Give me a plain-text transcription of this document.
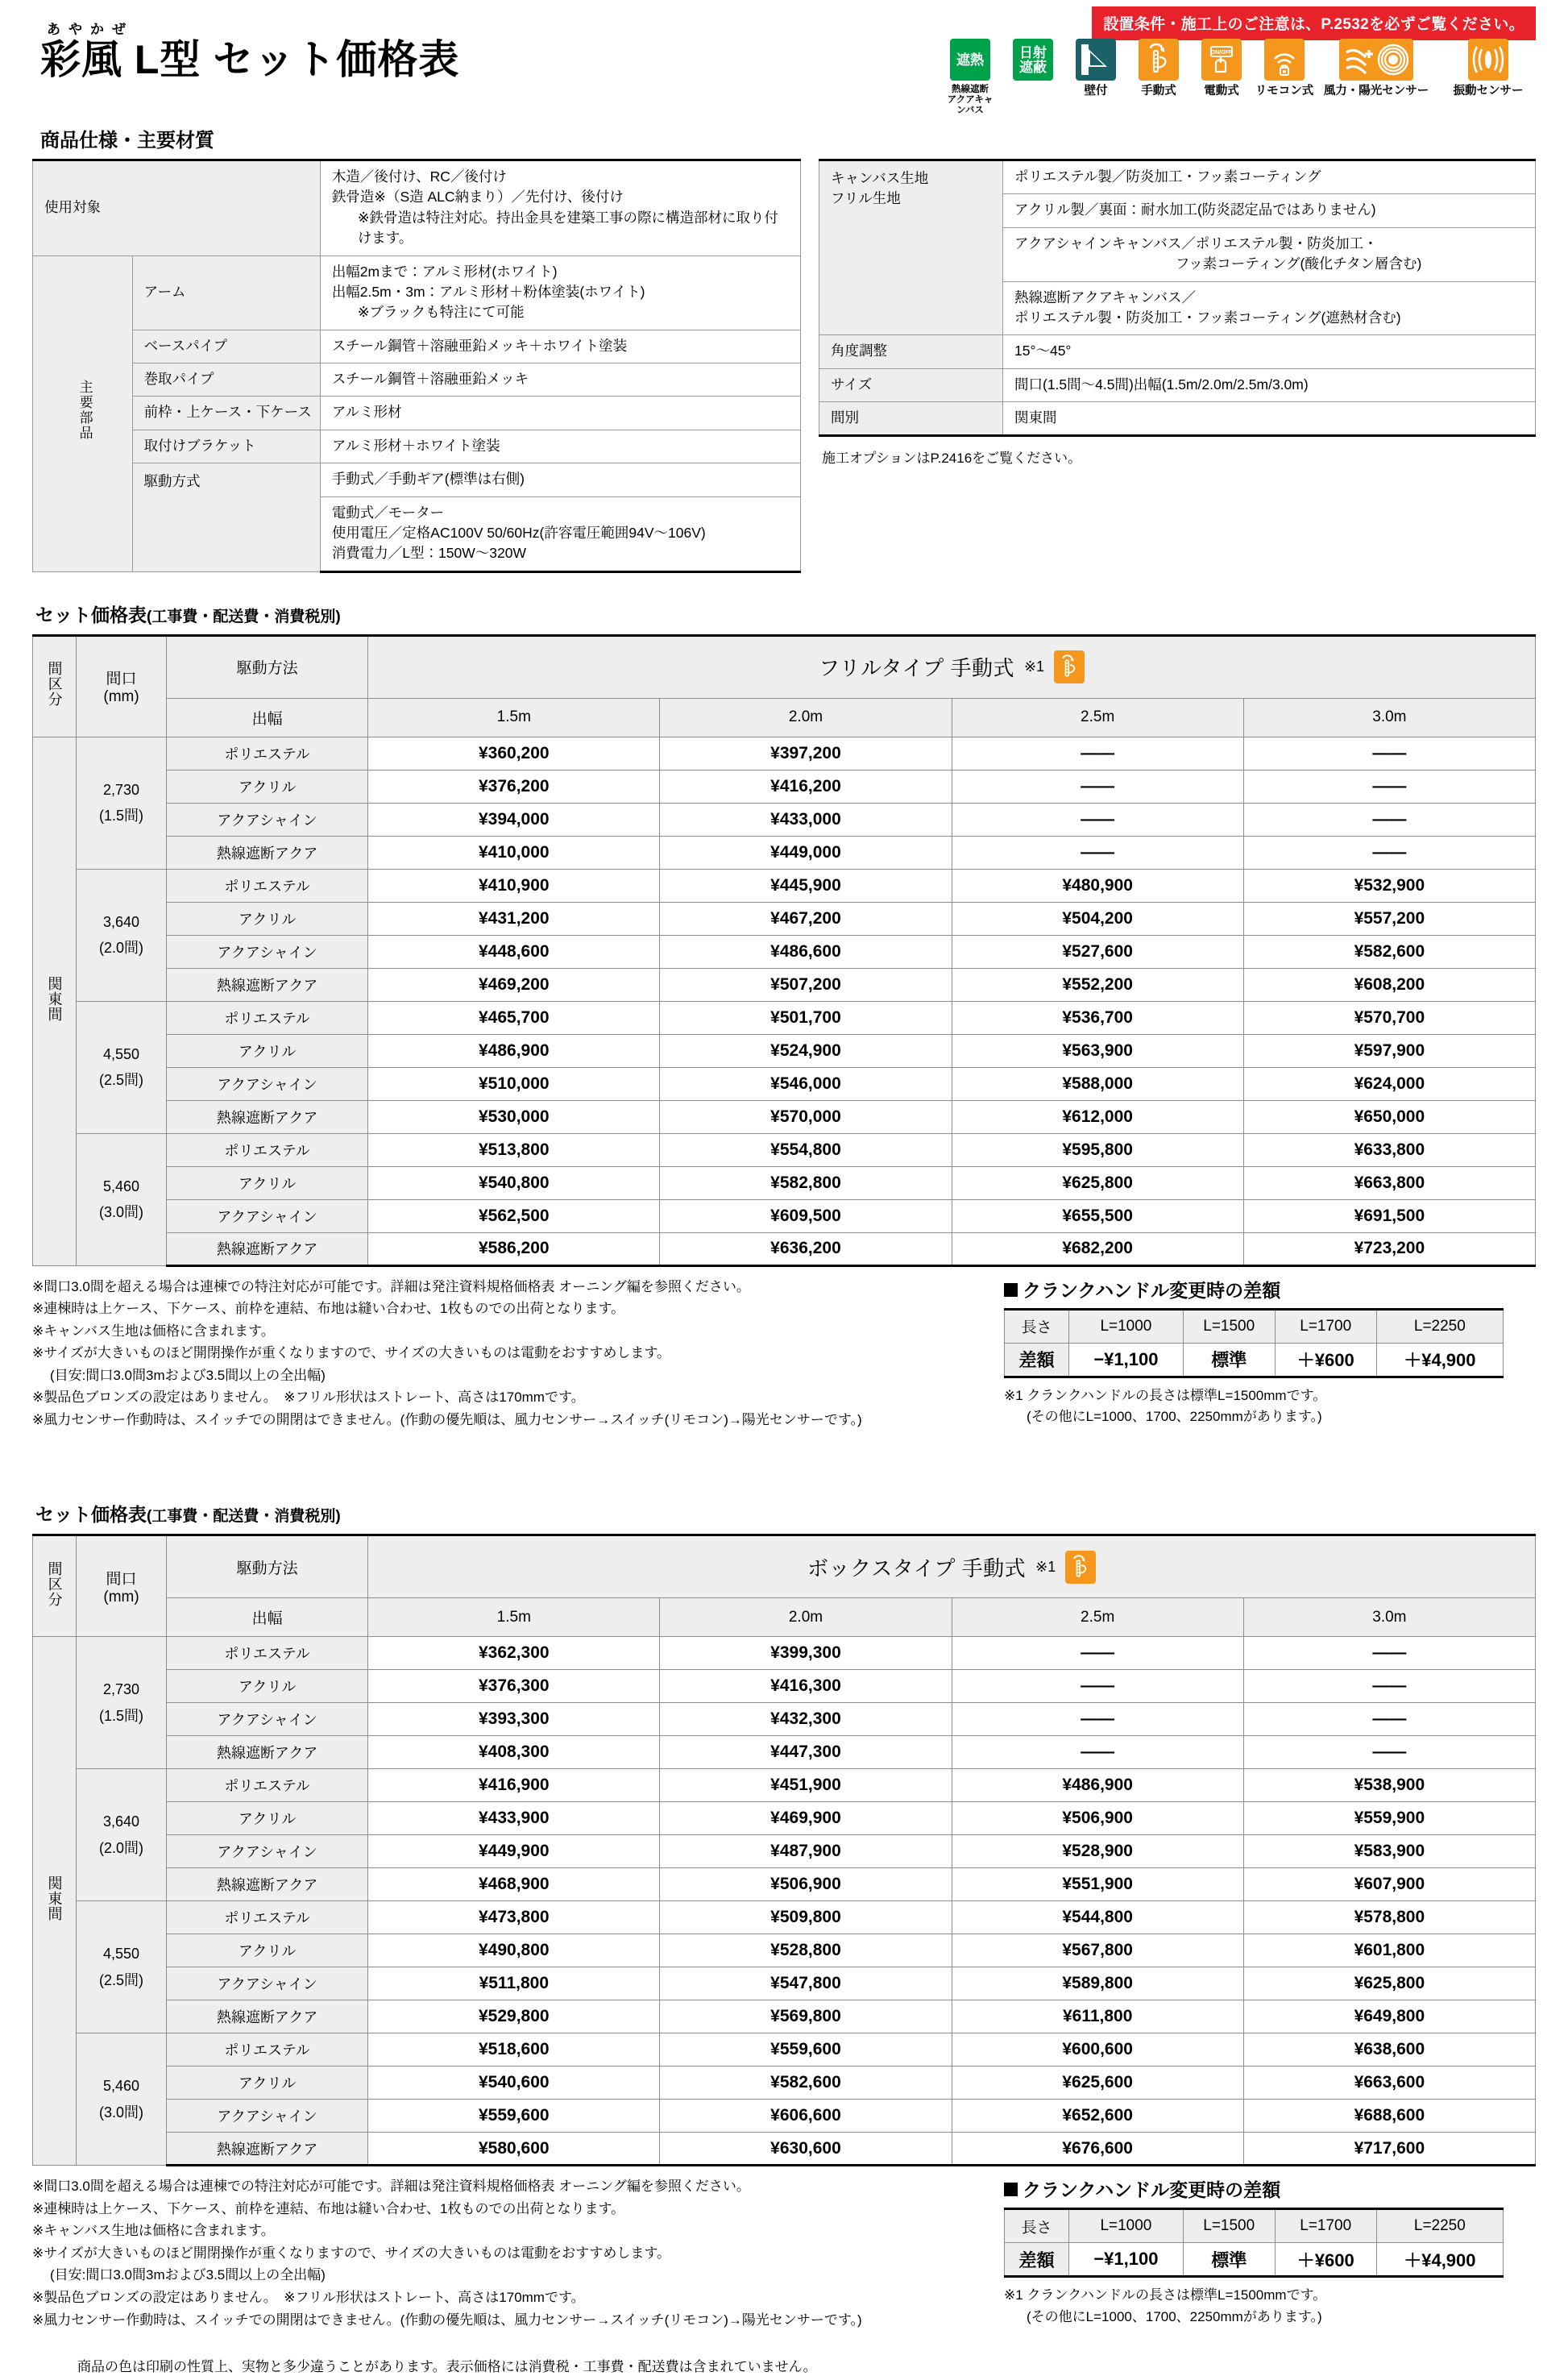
あやかぜ
彩風 L型 セット価格表
設置条件・施工上のご注意は、P.2532を必ずご覧ください。
遮熱
熱線遮断
アクアキャンバス
日射
遮蔽
壁付	手動式
ON/OFF
電動式 リモコン式 風力・陽光センサー 振動センサー
商品仕様・主要材質
使用対象		木造／後付け、RC／後付け
鉄骨造※（S造 ALC納まり）／先付け、後付け

※鉄骨造は特注対応。持出金具を建築工事の際に構造部材に取り付けます。

主要部品	アーム	出幅2mまで：アルミ形材(ホワイト)
出幅2.5m・3m：アルミ形材＋粉体塗装(ホワイト)

※ブラックも特注にて可能

	ベースパイプ	スチール鋼管＋溶融亜鉛メッキ＋ホワイト塗装
	巻取パイプ	スチール鋼管＋溶融亜鉛メッキ
	前枠・上ケース・下ケース	アルミ形材
	取付けブラケット	アルミ形材＋ホワイト塗装
	駆動方式	手動式／手動ギア(標準は右側)
		電動式／モーター
使用電圧／定格AC100V 50/60Hz(許容電圧範囲94V〜106V)
消費電力／L型：150W〜320W
キャンバス生地
フリル生地	ポリエステル製／防炎加工・フッ素コーティング
	アクリル製／裏面：耐水加工(防炎認定品ではありません)
	アクアシャインキャンバス／ポリエステル製・防炎加工・

フッ素コーティング(酸化チタン層含む)

	熱線遮断アクアキャンバス／
ポリエステル製・防炎加工・フッ素コーティング(遮熱材含む)
角度調整	15°〜45°
サイズ	間口(1.5間〜4.5間)出幅(1.5m/2.0m/2.5m/3.0m)
間別	関東間
施工オプションはP.2416をご覧ください。
セット価格表(工事費・配送費・消費税別)
間区分	間口
(mm)	駆動方法	フリルタイプ 手動式 ※1			

		出幅	1.5m	2.0m	2.5m	3.0m
関東間	2,730
(1.5間)	ポリエステル	¥360,200	¥397,200	——	——
		アクリル	¥376,200	¥416,200	——	——
		アクアシャイン	¥394,000	¥433,000	——	——
		熱線遮断アクア	¥410,000	¥449,000	——	——
	3,640
(2.0間)	ポリエステル	¥410,900	¥445,900	¥480,900	¥532,900
		アクリル	¥431,200	¥467,200	¥504,200	¥557,200
		アクアシャイン	¥448,600	¥486,600	¥527,600	¥582,600
		熱線遮断アクア	¥469,200	¥507,200	¥552,200	¥608,200
	4,550
(2.5間)	ポリエステル	¥465,700	¥501,700	¥536,700	¥570,700
		アクリル	¥486,900	¥524,900	¥563,900	¥597,900
		アクアシャイン	¥510,000	¥546,000	¥588,000	¥624,000
		熱線遮断アクア	¥530,000	¥570,000	¥612,000	¥650,000
	5,460
(3.0間)	ポリエステル	¥513,800	¥554,800	¥595,800	¥633,800
		アクリル	¥540,800	¥582,800	¥625,800	¥663,800
		アクアシャイン	¥562,500	¥609,500	¥655,500	¥691,500
		熱線遮断アクア	¥586,200	¥636,200	¥682,200	¥723,200
※間口3.0間を超える場合は連棟での特注対応が可能です。詳細は発注資料規格価格表 オーニング編を参照ください。
※連棟時は上ケース、下ケース、前枠を連結、布地は縫い合わせ、1枚ものでの出荷となります。
※キャンバス生地は価格に含まれます。
※サイズが大きいものほど開閉操作が重くなりますので、サイズの大きいものは電動をおすすめします。
(目安:間口3.0間3mおよび3.5間以上の全出幅)
※製品色ブロンズの設定はありません。　※フリル形状はストレート、高さは170mmです。
※風力センサー作動時は、スイッチでの開閉はできません。(作動の優先順は、風力センサー→スイッチ(リモコン)→陽光センサーです。)
クランクハンドル変更時の差額
長さ	L=1000	L=1500	L=1700	L=2250
差額	−¥1,100	標準	＋¥600	＋¥4,900
※1 クランクハンドルの長さは標準L=1500mmです。
(その他にL=1000、1700、2250mmがあります。)
セット価格表(工事費・配送費・消費税別)
間区分	間口
(mm)	駆動方法	ボックスタイプ 手動式 ※1			

		出幅	1.5m	2.0m	2.5m	3.0m
関東間	2,730
(1.5間)	ポリエステル	¥362,300	¥399,300	——	——
		アクリル	¥376,300	¥416,300	——	——
		アクアシャイン	¥393,300	¥432,300	——	——
		熱線遮断アクア	¥408,300	¥447,300	——	——
	3,640
(2.0間)	ポリエステル	¥416,900	¥451,900	¥486,900	¥538,900
		アクリル	¥433,900	¥469,900	¥506,900	¥559,900
		アクアシャイン	¥449,900	¥487,900	¥528,900	¥583,900
		熱線遮断アクア	¥468,900	¥506,900	¥551,900	¥607,900
	4,550
(2.5間)	ポリエステル	¥473,800	¥509,800	¥544,800	¥578,800
		アクリル	¥490,800	¥528,800	¥567,800	¥601,800
		アクアシャイン	¥511,800	¥547,800	¥589,800	¥625,800
		熱線遮断アクア	¥529,800	¥569,800	¥611,800	¥649,800
	5,460
(3.0間)	ポリエステル	¥518,600	¥559,600	¥600,600	¥638,600
		アクリル	¥540,600	¥582,600	¥625,600	¥663,600
		アクアシャイン	¥559,600	¥606,600	¥652,600	¥688,600
		熱線遮断アクア	¥580,600	¥630,600	¥676,600	¥717,600
※間口3.0間を超える場合は連棟での特注対応が可能です。詳細は発注資料規格価格表 オーニング編を参照ください。
※連棟時は上ケース、下ケース、前枠を連結、布地は縫い合わせ、1枚ものでの出荷となります。
※キャンバス生地は価格に含まれます。
※サイズが大きいものほど開閉操作が重くなりますので、サイズの大きいものは電動をおすすめします。
(目安:間口3.0間3mおよび3.5間以上の全出幅)
※製品色ブロンズの設定はありません。　※フリル形状はストレート、高さは170mmです。
※風力センサー作動時は、スイッチでの開閉はできません。(作動の優先順は、風力センサー→スイッチ(リモコン)→陽光センサーです。)
クランクハンドル変更時の差額
長さ	L=1000	L=1500	L=1700	L=2250
差額	−¥1,100	標準	＋¥600	＋¥4,900
※1 クランクハンドルの長さは標準L=1500mmです。
(その他にL=1000、1700、2250mmがあります。)
商品の色は印刷の性質上、実物と多少違うことがあります。表示価格には消費税・工事費・配送費は含まれていません。
